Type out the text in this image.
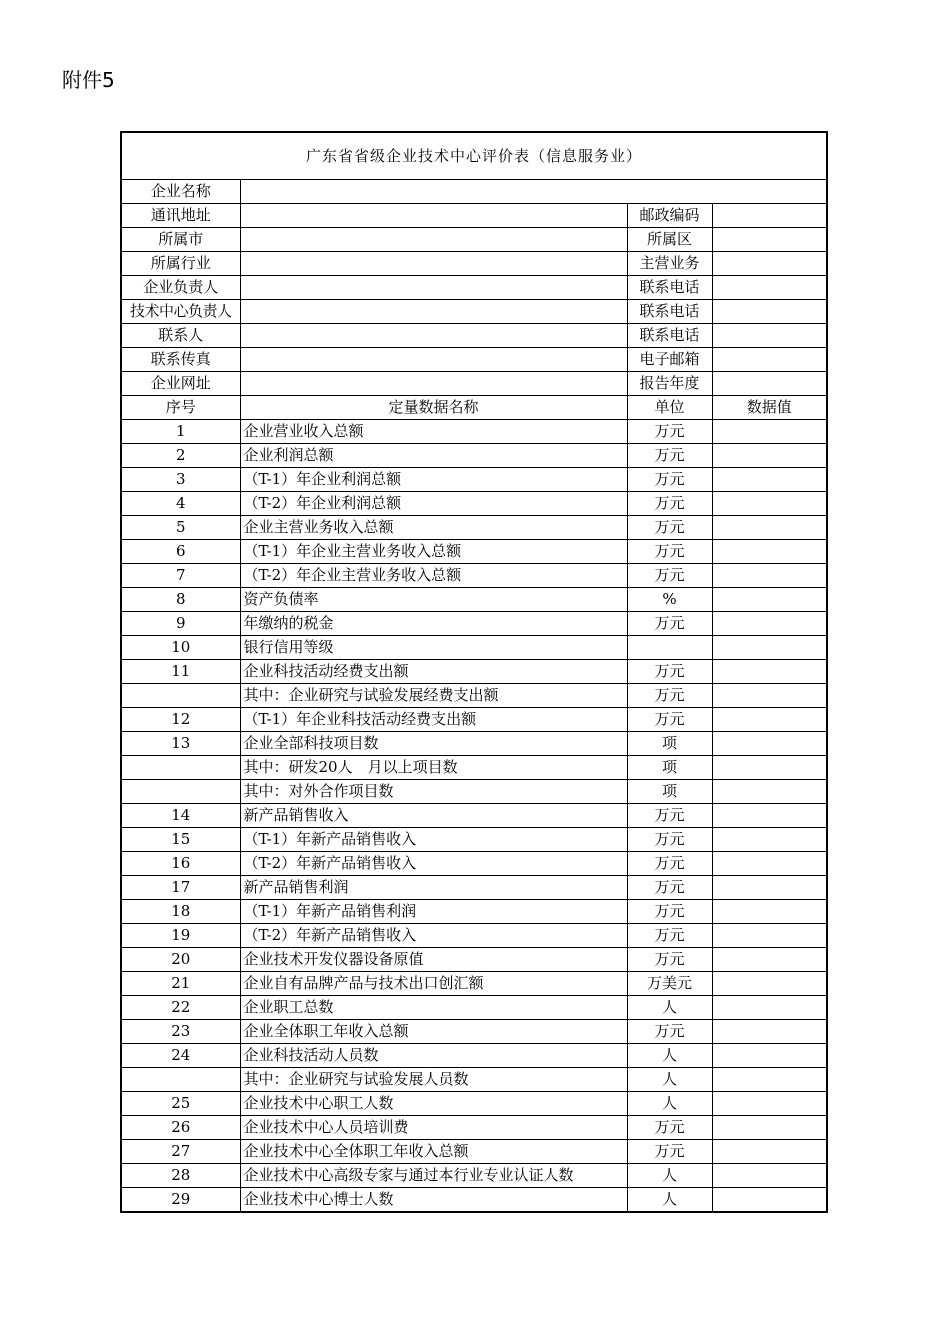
附件5
广东省省级企业技术中心评价表（信息服务业）			
企业名称			
通讯地址		邮政编码	
所属市		所属区	
所属行业		主营业务	
企业负责人		联系电话	
技术中心负责人		联系电话	
联系人		联系电话	
联系传真		电子邮箱	
企业网址		报告年度	
序号	定量数据名称	单位	数据值
1	企业营业收入总额	万元	
2	企业利润总额	万元	
3	（T-1）年企业利润总额	万元	
4	（T-2）年企业利润总额	万元	
5	企业主营业务收入总额	万元	
6	（T-1）年企业主营业务收入总额	万元	
7	（T-2）年企业主营业务收入总额	万元	
8	资产负债率	%	
9	年缴纳的税金	万元	
10	银行信用等级		
11	企业科技活动经费支出额	万元	
	其中：企业研究与试验发展经费支出额	万元	
12	（T-1）年企业科技活动经费支出额	万元	
13	企业全部科技项目数	项	
	其中：研发20人　月以上项目数	项	
	其中：对外合作项目数	项	
14	新产品销售收入	万元	
15	（T-1）年新产品销售收入	万元	
16	（T-2）年新产品销售收入	万元	
17	新产品销售利润	万元	
18	（T-1）年新产品销售利润	万元	
19	（T-2）年新产品销售收入	万元	
20	企业技术开发仪器设备原值	万元	
21	企业自有品牌产品与技术出口创汇额	万美元	
22	企业职工总数	人	
23	企业全体职工年收入总额	万元	
24	企业科技活动人员数	人	
	其中：企业研究与试验发展人员数	人	
25	企业技术中心职工人数	人	
26	企业技术中心人员培训费	万元	
27	企业技术中心全体职工年收入总额	万元	
28	企业技术中心高级专家与通过本行业专业认证人数	人	
29	企业技术中心博士人数	人	
